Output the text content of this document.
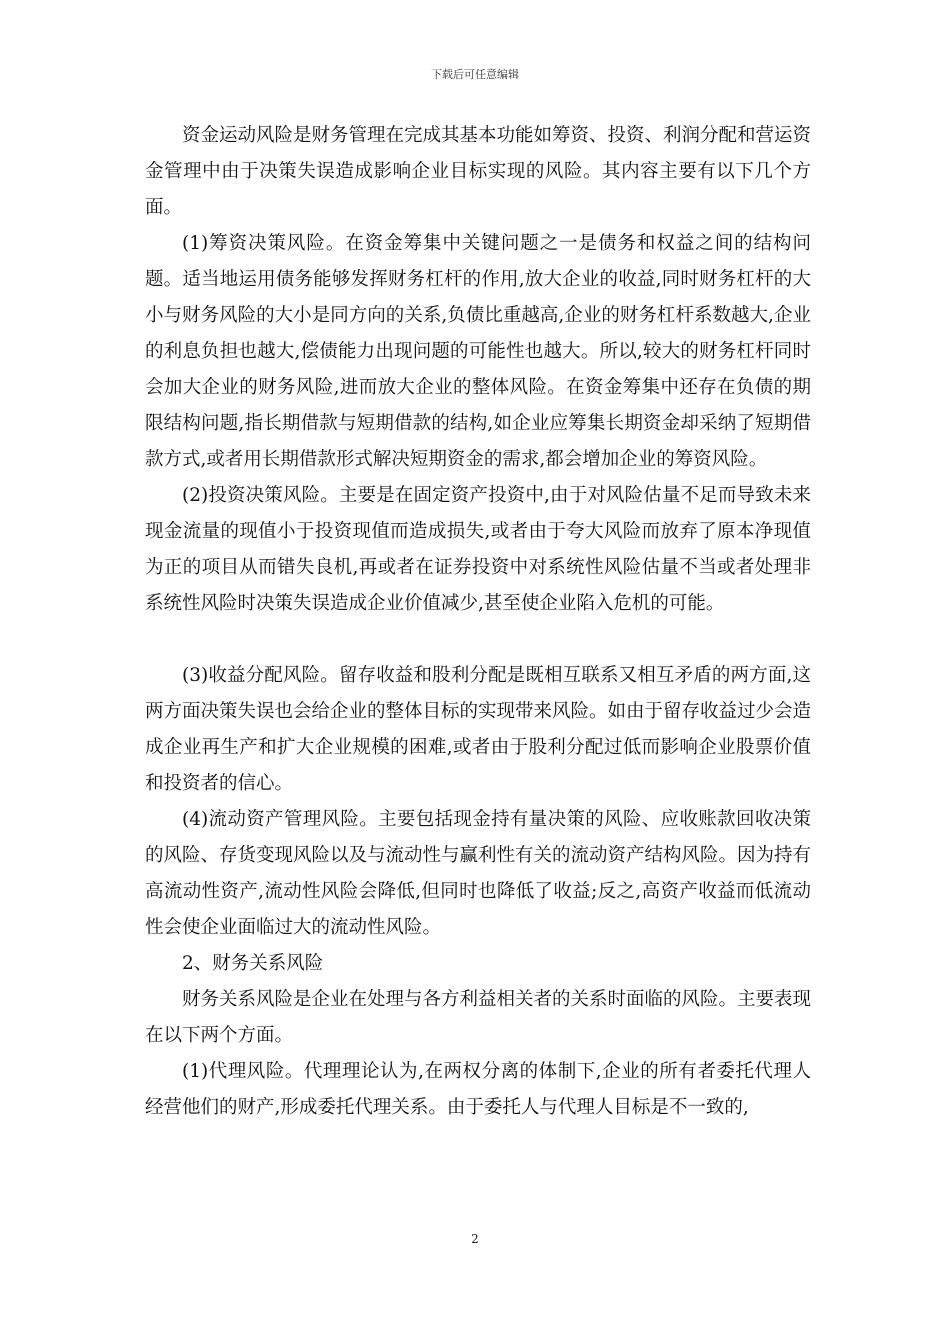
下载后可任意编辑

资金运动风险是财务管理在完成其基本功能如筹资、投资、利润分配和营运资金管理中由于决策失误造成影响企业目标实现的风险。其内容主要有以下几个方面。

(1)筹资决策风险。在资金筹集中关键问题之一是债务和权益之间的结构问题。适当地运用债务能够发挥财务杠杆的作用,放大企业的收益,同时财务杠杆的大小与财务风险的大小是同方向的关系,负债比重越高,企业的财务杠杆系数越大,企业的利息负担也越大,偿债能力出现问题的可能性也越大。所以,较大的财务杠杆同时会加大企业的财务风险,进而放大企业的整体风险。在资金筹集中还存在负债的期限结构问题,指长期借款与短期借款的结构,如企业应筹集长期资金却采纳了短期借款方式,或者用长期借款形式解决短期资金的需求,都会增加企业的筹资风险。

(2)投资决策风险。主要是在固定资产投资中,由于对风险估量不足而导致未来现金流量的现值小于投资现值而造成损失,或者由于夸大风险而放弃了原本净现值为正的项目从而错失良机,再或者在证券投资中对系统性风险估量不当或者处理非系统性风险时决策失误造成企业价值减少,甚至使企业陷入危机的可能。

(3)收益分配风险。留存收益和股利分配是既相互联系又相互矛盾的两方面,这两方面决策失误也会给企业的整体目标的实现带来风险。如由于留存收益过少会造成企业再生产和扩大企业规模的困难,或者由于股利分配过低而影响企业股票价值和投资者的信心。

(4)流动资产管理风险。主要包括现金持有量决策的风险、应收账款回收决策的风险、存货变现风险以及与流动性与赢利性有关的流动资产结构风险。因为持有高流动性资产,流动性风险会降低,但同时也降低了收益;反之,高资产收益而低流动性会使企业面临过大的流动性风险。

2、财务关系风险

财务关系风险是企业在处理与各方利益相关者的关系时面临的风险。主要表现在以下两个方面。

(1)代理风险。代理理论认为,在两权分离的体制下,企业的所有者委托代理人经营他们的财产,形成委托代理关系。由于委托人与代理人目标是不一致的,

2
